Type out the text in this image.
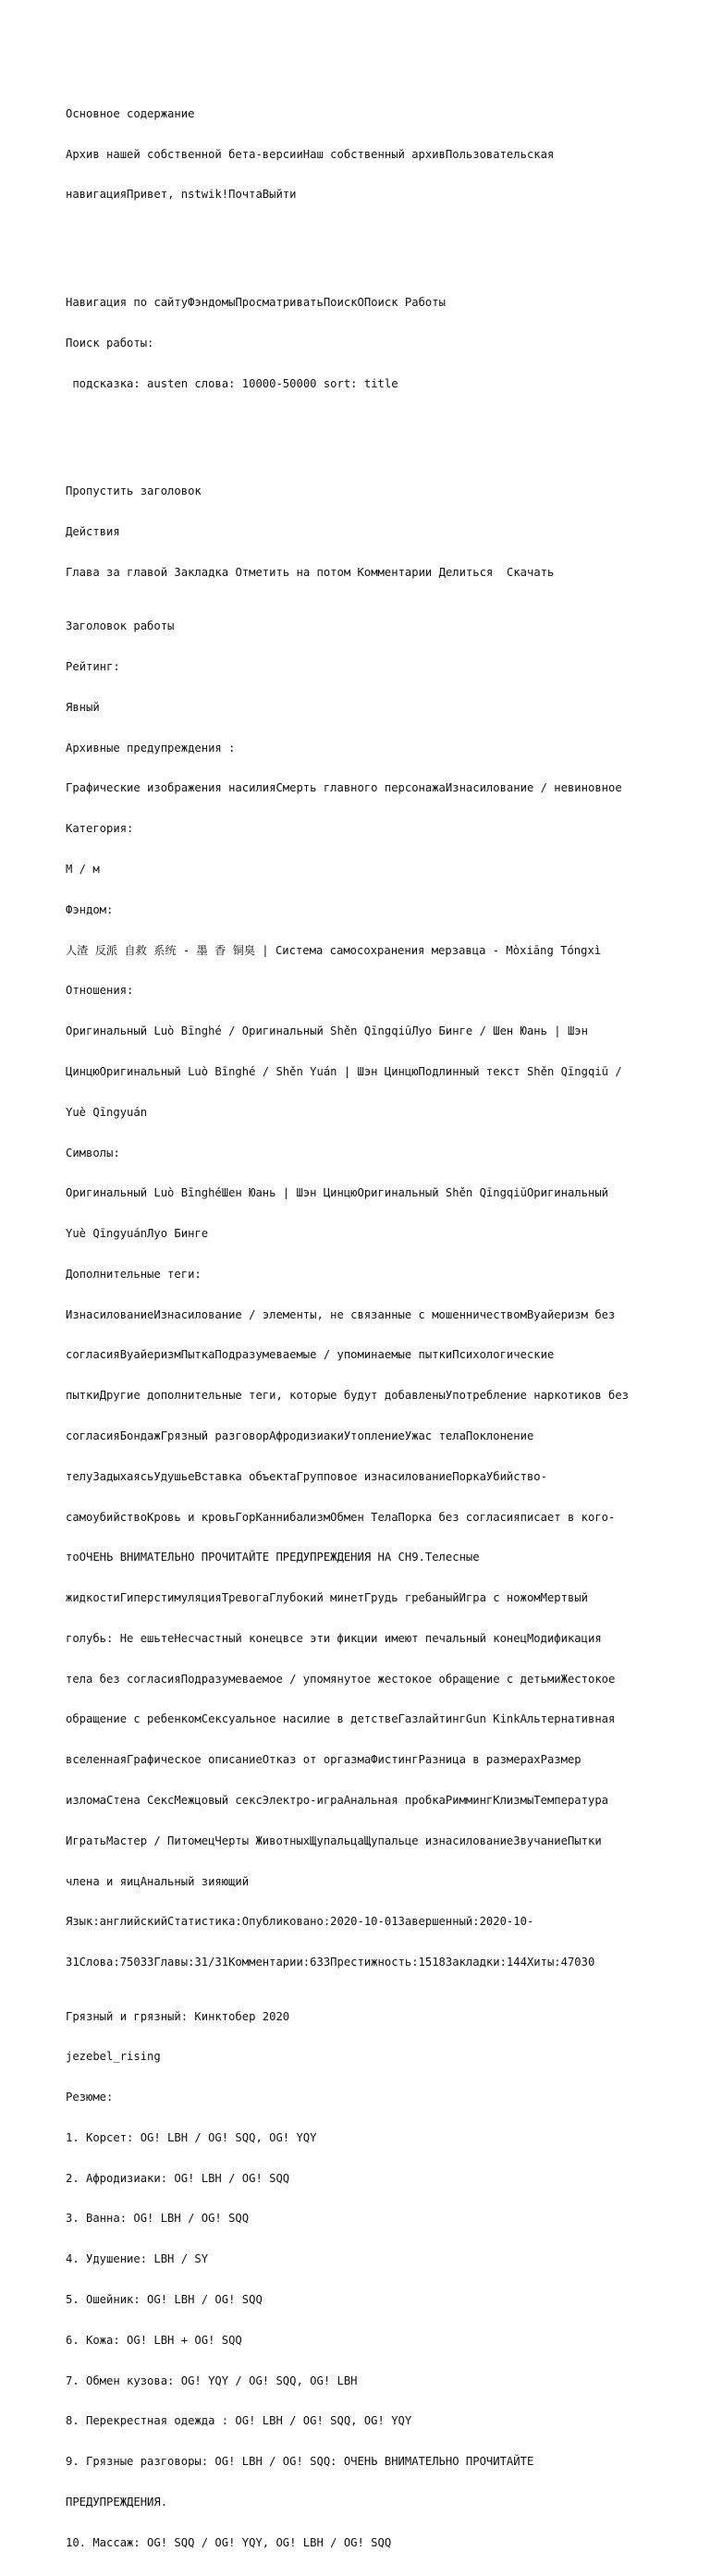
Основное содержание

Архив нашей собственной бета-версииНаш собственный архивПользовательская

навигацияПривет, nstwik!ПочтаВыйти

Навигация по сайтуФэндомыПросматриватьПоискОПоиск Работы

Поиск работы:

подсказка: austen слова: 10000-50000 sort: title

Пропустить заголовок

Действия

Глава за главой Закладка Отметить на потом Комментарии Делиться Скачать

Заголовок работы

Рейтинг:

Явный

Архивные предупреждения :

Графические изображения насилияСмерть главного персонажаИзнасилование / невиновное

Категория:

M / м

Фэндом:

人渣 反派 自救 系统 - 墨 香 铜臭 | Система самосохранения мерзавца - Mòxiāng Tóngxì

Отношения:

Оригинальный Luò Bīnghé / Оригинальный Shěn QīngqiūЛуо Бинге / Шен Юань | Шэн

ЦинцюОригинальный Luò Bīnghé / Shěn Yuán | Шэн ЦинцюПодлинный текст Shěn Qīngqiū /

Yuè Qīngyuán

Символы:

Оригинальный Luò BīnghéШен Юань | Шэн ЦинцюОригинальный Shěn QīngqiūОригинальный

Yuè QīngyuánЛуо Бинге

Дополнительные теги:

ИзнасилованиеИзнасилование / элементы, не связанные с мошенничествомВуайеризм без

согласияВуайеризмПыткаПодразумеваемые / упоминаемые пыткиПсихологические

пыткиДругие дополнительные теги, которые будут добавленыУпотребление наркотиков без

согласияБондажГрязный разговорАфродизиакиУтоплениеУжас телаПоклонение

телуЗадыхаясьУдушьеВставка объектаГрупповое изнасилованиеПоркаУбийство-

самоубийствоКровь и кровьГорКаннибализмОбмен ТелаПорка без согласияписает в кого-

тоОЧЕНЬ ВНИМАТЕЛЬНО ПРОЧИТАЙТЕ ПРЕДУПРЕЖДЕНИЯ НА CH9.Телесные

жидкостиГиперстимуляцияТревогаГлубокий минетГрудь гребаныйИгра с ножомМертвый

голубь: Не ешьтеНесчастный конецвсе эти фикции имеют печальный конецМодификация

тела без согласияПодразумеваемое / упомянутое жестокое обращение с детьмиЖестокое

обращение с ребенкомСексуальное насилие в детствеГазлайтингGun KinkАльтернативная

вселеннаяГрафическое описаниеОтказ от оргазмаФистингРазница в размерахРазмер

изломаСтена СексМежцовый сексЭлектро-играАнальная пробкаРиммингКлизмыТемпература

ИгратьМастер / ПитомецЧерты ЖивотныхЩупальцаЩупальце изнасилованиеЗвучаниеПытки

члена и яицАнальный зияющий

Язык:английскийСтатистика:Опубликовано:2020-10-01Завершенный:2020-10-

31Слова:75033Главы:31/31Комментарии:633Престижность:1518Закладки:144Хиты:47030

Грязный и грязный: Кинктобер 2020

jezebel_rising

Резюме:

1. Корсет: OG! LBH / OG! SQQ, OG! YQY

2. Афродизиаки: OG! LBH / OG! SQQ

3. Ванна: OG! LBH / OG! SQQ

4. Удушение: LBH / SY

5. Ошейник: OG! LBH / OG! SQQ

6. Кожа: OG! LBH + OG! SQQ

7. Обмен кузова: OG! YQY / OG! SQQ, OG! LBH

8. Перекрестная одежда : OG! LBH / OG! SQQ, OG! YQY

9. Грязные разговоры: OG! LBH / OG! SQQ: ОЧЕНЬ ВНИМАТЕЛЬНО ПРОЧИТАЙТЕ

ПРЕДУПРЕЖДЕНИЯ.

10. Массаж: OG! SQQ / OG! YQY, OG! LBH / OG! SQQ
